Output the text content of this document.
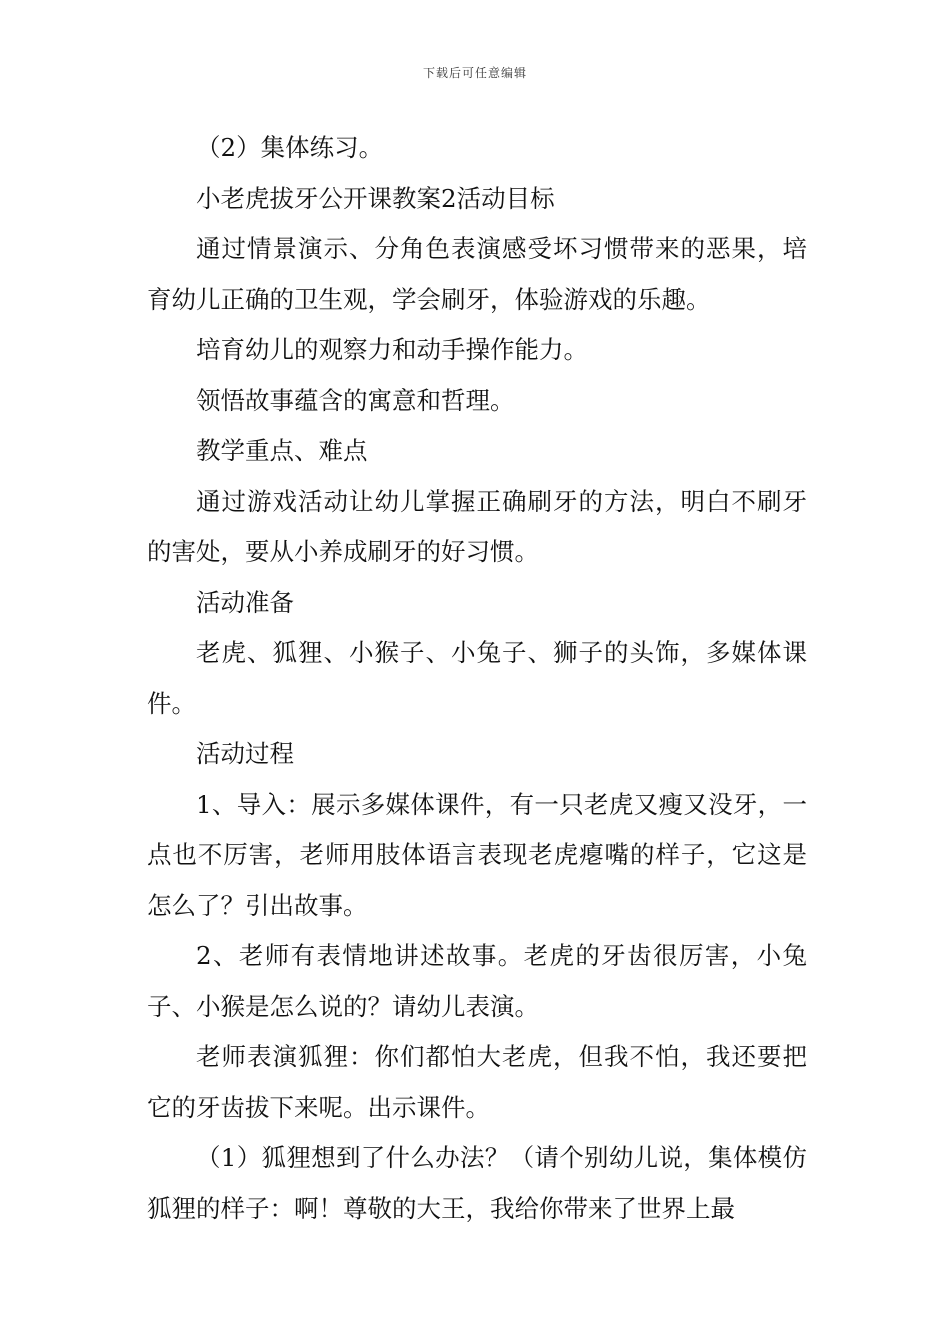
下载后可任意编辑

（2）集体练习。

小老虎拔牙公开课教案2活动目标

通过情景演示、分角色表演感受坏习惯带来的恶果，培育幼儿正确的卫生观，学会刷牙，体验游戏的乐趣。

培育幼儿的观察力和动手操作能力。

领悟故事蕴含的寓意和哲理。

教学重点、难点

通过游戏活动让幼儿掌握正确刷牙的方法，明白不刷牙的害处，要从小养成刷牙的好习惯。

活动准备

老虎、狐狸、小猴子、小兔子、狮子的头饰，多媒体课件。

活动过程

1、导入：展示多媒体课件，有一只老虎又瘦又没牙，一点也不厉害，老师用肢体语言表现老虎瘪嘴的样子，它这是怎么了？引出故事。

2、老师有表情地讲述故事。老虎的牙齿很厉害，小兔子、小猴是怎么说的？请幼儿表演。

老师表演狐狸：你们都怕大老虎，但我不怕，我还要把它的牙齿拔下来呢。出示课件。

（1）狐狸想到了什么办法？（请个别幼儿说，集体模仿狐狸的样子：啊！尊敬的大王，我给你带来了世界上最
